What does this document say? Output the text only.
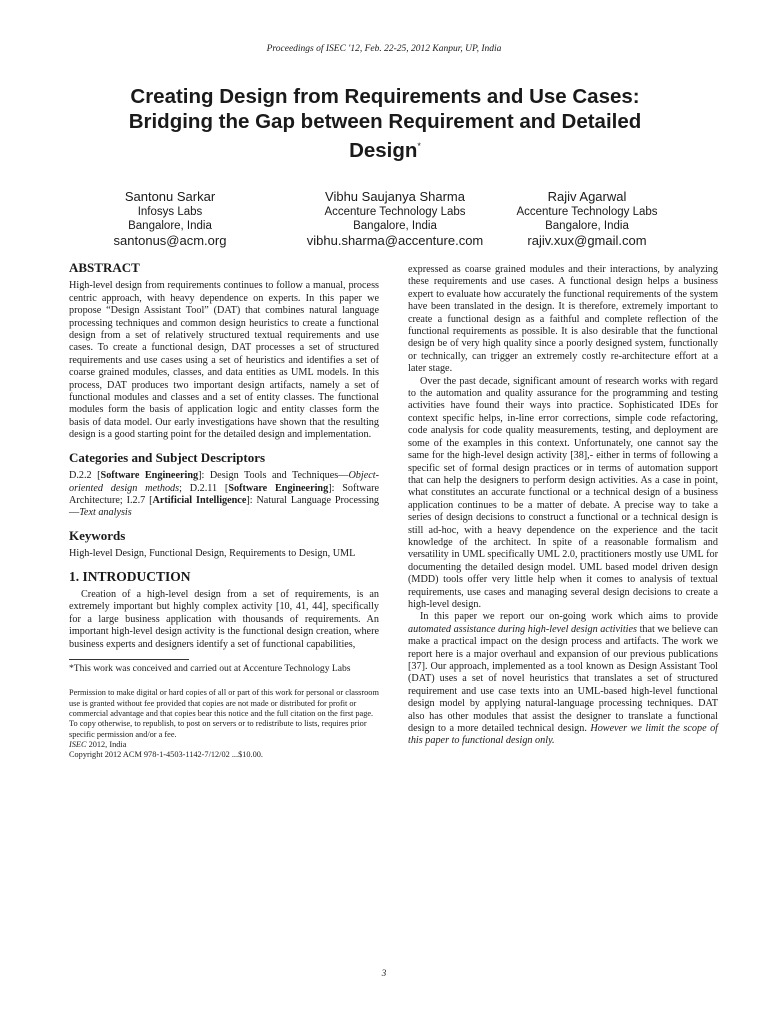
Proceedings of ISEC '12, Feb. 22-25, 2012 Kanpur, UP, India
Creating Design from Requirements and Use Cases:
Bridging the Gap between Requirement and Detailed
Design*
Santonu Sarkar
Infosys Labs
Bangalore, India
santonus@acm.org
Vibhu Saujanya Sharma
Accenture Technology Labs
Bangalore, India
vibhu.sharma@accenture.com
Rajiv Agarwal
Accenture Technology Labs
Bangalore, India
rajiv.xux@gmail.com
ABSTRACT

High-level design from requirements continues to follow a manual, process centric approach, with heavy dependence on experts. In this paper we propose “Design Assistant Tool” (DAT) that combines natural language processing techniques and common design heuristics to create a functional design from a set of relatively structured textual requirements and use cases. To create a functional design, DAT processes a set of structured requirements and use cases using a set of heuristics and identifies a set of coarse grained modules, classes, and data entities as UML models. In this process, DAT produces two important design artifacts, namely a set of functional modules and classes and a set of entity classes. The functional modules form the basis of application logic and entity classes form the basis of data model. Our early investigations have shown that the resulting design is a good starting point for the detailed design and implementation.

Categories and Subject Descriptors

D.2.2 [Software Engineering]: Design Tools and Techniques—Object-oriented design methods; D.2.11 [Software Engineering]: Software Architecture; I.2.7 [Artificial Intelligence]: Natural Language Processing—Text analysis

Keywords

High-level Design, Functional Design, Requirements to Design, UML

1. INTRODUCTION

Creation of a high-level design from a set of requirements, is an extremely important but highly complex activity [10, 41, 44], specifically for a large business application with thousands of requirements. An important high-level design activity is the functional design creation, where business experts and designers identify a set of functional capabilities,

*This work was conceived and carried out at Accenture Technology Labs

Permission to make digital or hard copies of all or part of this work for personal or classroom use is granted without fee provided that copies are not made or distributed for profit or commercial advantage and that copies bear this notice and the full citation on the first page. To copy otherwise, to republish, to post on servers or to redistribute to lists, requires prior specific permission and/or a fee.
ISEC 2012, India
Copyright 2012 ACM 978-1-4503-1142-7/12/02 ...$10.00.

expressed as coarse grained modules and their interactions, by analyzing these requirements and use cases. A functional design helps a business expert to evaluate how accurately the functional requirements of the system have been translated in the design. It is therefore, extremely important to create a functional design as a faithful and complete reflection of the functional requirements as possible. It is also desirable that the functional design be of very high quality since a poorly designed system, functionally or technically, can trigger an extremely costly re-architecture effort at a later stage.

Over the past decade, significant amount of research works with regard to the automation and quality assurance for the programming and testing activities have found their ways into practice. Sophisticated IDEs for context specific helps, in-line error corrections, simple code refactoring, code analysis for code quality measurements, testing, and deployment are some of the examples in this context. Unfortunately, one cannot say the same for the high-level design activity [38],- either in terms of following a specific set of formal design practices or in terms of automation support that can help the designers to perform design activities. As a case in point, what constitutes an accurate functional or a technical design of a business application continues to be a matter of debate. A precise way to take a series of design decisions to construct a functional or a technical design is still ad-hoc, with a heavy dependence on the experience and the tacit knowledge of the architect. In spite of a reasonable formalism and versatility in UML specifically UML 2.0, practitioners mostly use UML for documenting the detailed design model. UML based model driven design (MDD) tools offer very little help when it comes to analysis of textual requirements, use cases and managing several design decisions to create a high-level design.

In this paper we report our on-going work which aims to provide automated assistance during high-level design activities that we believe can make a practical impact on the design process and artifacts. The work we report here is a major overhaul and expansion of our previous publications [37]. Our approach, implemented as a tool known as Design Assistant Tool (DAT) uses a set of novel heuristics that translates a set of structured requirement and use case texts into an UML-based high-level functional design model by applying natural-language processing techniques. DAT also has other modules that assist the designer to translate a functional design to a more detailed technical design. However we limit the scope of this paper to functional design only.

3
